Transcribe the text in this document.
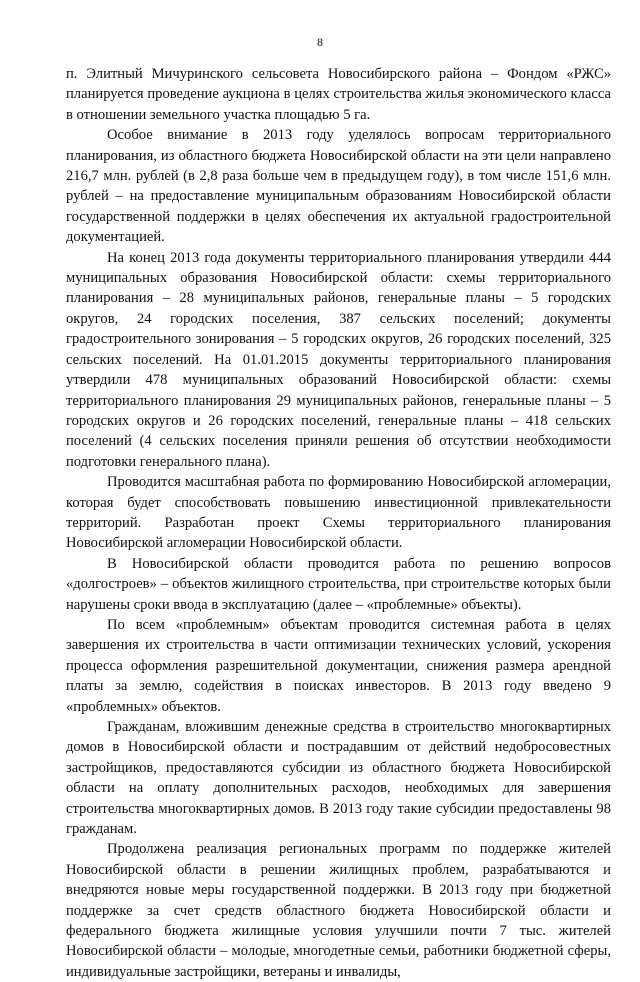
8

п. Элитный Мичуринского сельсовета Новосибирского района – Фондом «РЖС» планируется проведение аукциона в целях строительства жилья экономического класса в отношении земельного участка площадью 5 га.

Особое внимание в 2013 году уделялось вопросам территориального планирования, из областного бюджета Новосибирской области на эти цели направлено 216,7 млн. рублей (в 2,8 раза больше чем в предыдущем году), в том числе 151,6 млн. рублей – на предоставление муниципальным образованиям Новосибирской области государственной поддержки в целях обеспечения их актуальной градостроительной документацией.

На конец 2013 года документы территориального планирования утвердили 444 муниципальных образования Новосибирской области: схемы территориального планирования – 28 муниципальных районов, генеральные планы – 5 городских округов, 24 городских поселения, 387 сельских поселений; документы градостроительного зонирования – 5 городских округов, 26 городских поселений, 325 сельских поселений. На 01.01.2015 документы территориального планирования утвердили 478 муниципальных образований Новосибирской области: схемы территориального планирования 29 муниципальных районов, генеральные планы – 5 городских округов и 26 городских поселений, генеральные планы – 418 сельских поселений (4 сельских поселения приняли решения об отсутствии необходимости подготовки генерального плана).

Проводится масштабная работа по формированию Новосибирской агломерации, которая будет способствовать повышению инвестиционной привлекательности территорий. Разработан проект Схемы территориального планирования Новосибирской агломерации Новосибирской области.

В Новосибирской области проводится работа по решению вопросов «долгостроев» – объектов жилищного строительства, при строительстве которых были нарушены сроки ввода в эксплуатацию (далее – «проблемные» объекты).

По всем «проблемным» объектам проводится системная работа в целях завершения их строительства в части оптимизации технических условий, ускорения процесса оформления разрешительной документации, снижения размера арендной платы за землю, содействия в поисках инвесторов. В 2013 году введено 9 «проблемных» объектов.

Гражданам, вложившим денежные средства в строительство многоквартирных домов в Новосибирской области и пострадавшим от действий недобросовестных застройщиков, предоставляются субсидии из областного бюджета Новосибирской области на оплату дополнительных расходов, необходимых для завершения строительства многоквартирных домов. В 2013 году такие субсидии предоставлены 98 гражданам.

Продолжена реализация региональных программ по поддержке жителей Новосибирской области в решении жилищных проблем, разрабатываются и внедряются новые меры государственной поддержки. В 2013 году при бюджетной поддержке за счет средств областного бюджета Новосибирской области и федерального бюджета жилищные условия улучшили почти 7 тыс. жителей Новосибирской области – молодые, многодетные семьи, работники бюджетной сферы, индивидуальные застройщики, ветераны и инвалиды,
